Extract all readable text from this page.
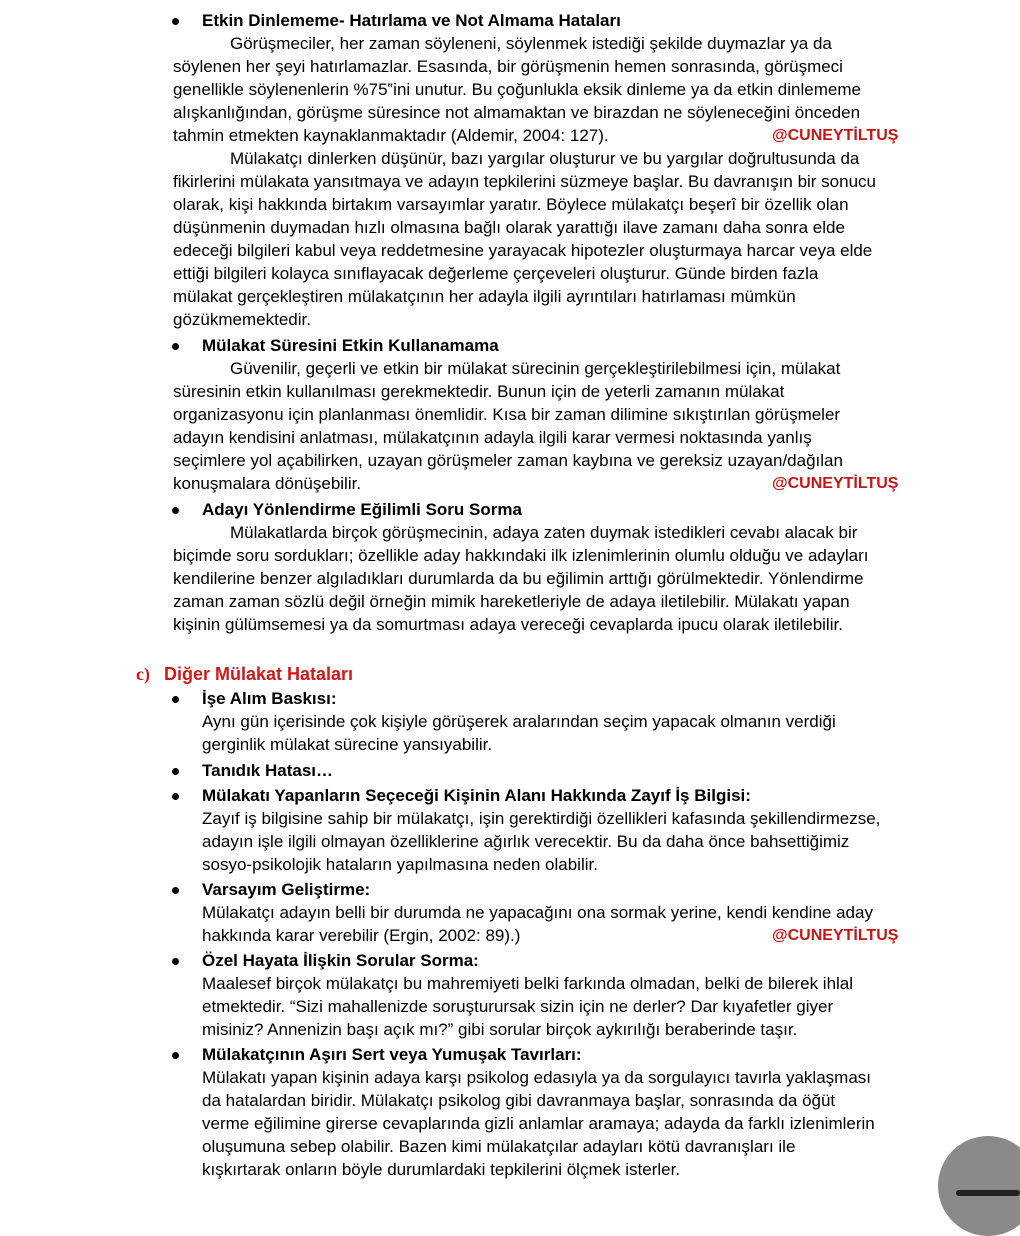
Etkin Dinlememe- Hatırlama ve Not Almama Hataları
Görüşmeciler, her zaman söyleneni, söylenmek istediği şekilde duymazlar ya da
söylenen her şeyi hatırlamazlar. Esasında, bir görüşmenin hemen sonrasında, görüşmeci
genellikle söylenenlerin %75‟ini unutur. Bu çoğunlukla eksik dinleme ya da etkin dinlememe
alışkanlığından, görüşme süresince not almamaktan ve birazdan ne söyleneceğini önceden
tahmin etmekten kaynaklanmaktadır (Aldemir, 2004: 127).	@CUNEYTİLTUŞ
Mülakatçı dinlerken düşünür, bazı yargılar oluşturur ve bu yargılar doğrultusunda da
fikirlerini mülakata yansıtmaya ve adayın tepkilerini süzmeye başlar. Bu davranışın bir sonucu
olarak, kişi hakkında birtakım varsayımlar yaratır. Böylece mülakatçı beşerî bir özellik olan
düşünmenin duymadan hızlı olmasına bağlı olarak yarattığı ilave zamanı daha sonra elde
edeceği bilgileri kabul veya reddetmesine yarayacak hipotezler oluşturmaya harcar veya elde
ettiği bilgileri kolayca sınıflayacak değerleme çerçeveleri oluşturur. Günde birden fazla
mülakat gerçekleştiren mülakatçının her adayla ilgili ayrıntıları hatırlaması mümkün
gözükmemektedir.
Mülakat Süresini Etkin Kullanamama
Güvenilir, geçerli ve etkin bir mülakat sürecinin gerçekleştirilebilmesi için, mülakat
süresinin etkin kullanılması gerekmektedir. Bunun için de yeterli zamanın mülakat
organizasyonu için planlanması önemlidir. Kısa bir zaman dilimine sıkıştırılan görüşmeler
adayın kendisini anlatması, mülakatçının adayla ilgili karar vermesi noktasında yanlış
seçimlere yol açabilirken, uzayan görüşmeler zaman kaybına ve gereksiz uzayan/dağılan
konuşmalara dönüşebilir.	@CUNEYTİLTUŞ
Adayı Yönlendirme Eğilimli Soru Sorma
Mülakatlarda birçok görüşmecinin, adaya zaten duymak istedikleri cevabı alacak bir
biçimde soru sordukları; özellikle aday hakkındaki ilk izlenimlerinin olumlu olduğu ve adayları
kendilerine benzer algıladıkları durumlarda da bu eğilimin arttığı görülmektedir. Yönlendirme
zaman zaman sözlü değil örneğin mimik hareketleriyle de adaya iletilebilir. Mülakatı yapan
kişinin gülümsemesi ya da somurtması adaya vereceği cevaplarda ipucu olarak iletilebilir.
c) Diğer Mülakat Hataları
İşe Alım Baskısı:
Aynı gün içerisinde çok kişiyle görüşerek aralarından seçim yapacak olmanın verdiği
gerginlik mülakat sürecine yansıyabilir.
Tanıdık Hatası…
Mülakatı Yapanların Seçeceği Kişinin Alanı Hakkında Zayıf İş Bilgisi:
Zayıf iş bilgisine sahip bir mülakatçı, işin gerektirdiği özellikleri kafasında şekillendirmezse,
adayın işle ilgili olmayan özelliklerine ağırlık verecektir. Bu da daha önce bahsettiğimiz
sosyo-psikolojik hataların yapılmasına neden olabilir.
Varsayım Geliştirme:
Mülakatçı adayın belli bir durumda ne yapacağını ona sormak yerine, kendi kendine aday
hakkında karar verebilir (Ergin, 2002: 89).)	@CUNEYTİLTUŞ
Özel Hayata İlişkin Sorular Sorma:
Maalesef birçok mülakatçı bu mahremiyeti belki farkında olmadan, belki de bilerek ihlal
etmektedir. “Sizi mahallenizde soruşturursak sizin için ne derler? Dar kıyafetler giyer
misiniz? Annenizin başı açık mı?” gibi sorular birçok aykırılığı beraberinde taşır.
Mülakatçının Aşırı Sert veya Yumuşak Tavırları:
Mülakatı yapan kişinin adaya karşı psikolog edasıyla ya da sorgulayıcı tavırla yaklaşması
da hatalardan biridir. Mülakatçı psikolog gibi davranmaya başlar, sonrasında da öğüt
verme eğilimine girerse cevaplarında gizli anlamlar aramaya; adayda da farklı izlenimlerin
oluşumuna sebep olabilir. Bazen kimi mülakatçılar adayları kötü davranışları ile
kışkırtarak onların böyle durumlardaki tepkilerini ölçmek isterler.
